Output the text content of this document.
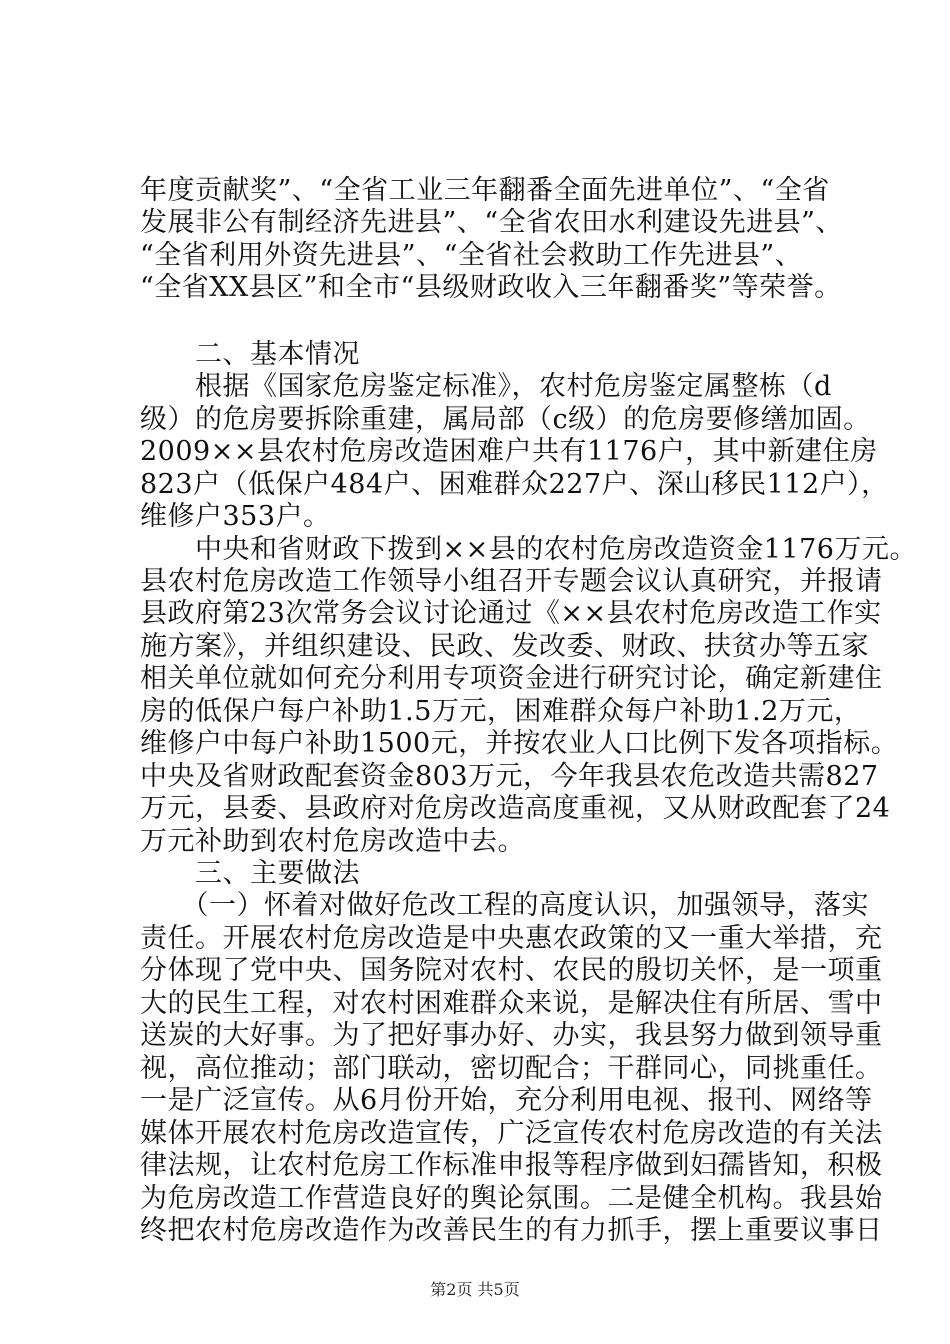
年度贡献奖”、“全省工业三年翻番全面先进单位”、“全省
发展非公有制经济先进县”、“全省农田水利建设先进县”、
“全省利用外资先进县”、“全省社会救助工作先进县”、
“全省XX县区”和全市“县级财政收入三年翻番奖”等荣誉。
　　二、基本情况
　　根据《国家危房鉴定标准》，农村危房鉴定属整栋（d
级）的危房要拆除重建，属局部（c级）的危房要修缮加固。
2009××县农村危房改造困难户共有1176户，其中新建住房
823户（低保户484户、困难群众227户、深山移民112户），
维修户353户。
　　中央和省财政下拨到××县的农村危房改造资金1176万元。
县农村危房改造工作领导小组召开专题会议认真研究，并报请
县政府第23次常务会议讨论通过《××县农村危房改造工作实
施方案》，并组织建设、民政、发改委、财政、扶贫办等五家
相关单位就如何充分利用专项资金进行研究讨论，确定新建住
房的低保户每户补助1.5万元，困难群众每户补助1.2万元，
维修户中每户补助1500元，并按农业人口比例下发各项指标。
中央及省财政配套资金803万元，今年我县农危改造共需827
万元，县委、县政府对危房改造高度重视，又从财政配套了24
万元补助到农村危房改造中去。
　　三、主要做法
　　（一）怀着对做好危改工程的高度认识，加强领导，落实
责任。开展农村危房改造是中央惠农政策的又一重大举措，充
分体现了党中央、国务院对农村、农民的殷切关怀，是一项重
大的民生工程，对农村困难群众来说，是解决住有所居、雪中
送炭的大好事。为了把好事办好、办实，我县努力做到领导重
视，高位推动；部门联动，密切配合；干群同心，同挑重任。
一是广泛宣传。从6月份开始，充分利用电视、报刊、网络等
媒体开展农村危房改造宣传，广泛宣传农村危房改造的有关法
律法规，让农村危房工作标准申报等程序做到妇孺皆知，积极
为危房改造工作营造良好的舆论氛围。二是健全机构。我县始
终把农村危房改造作为改善民生的有力抓手，摆上重要议事日
第2页 共5页
